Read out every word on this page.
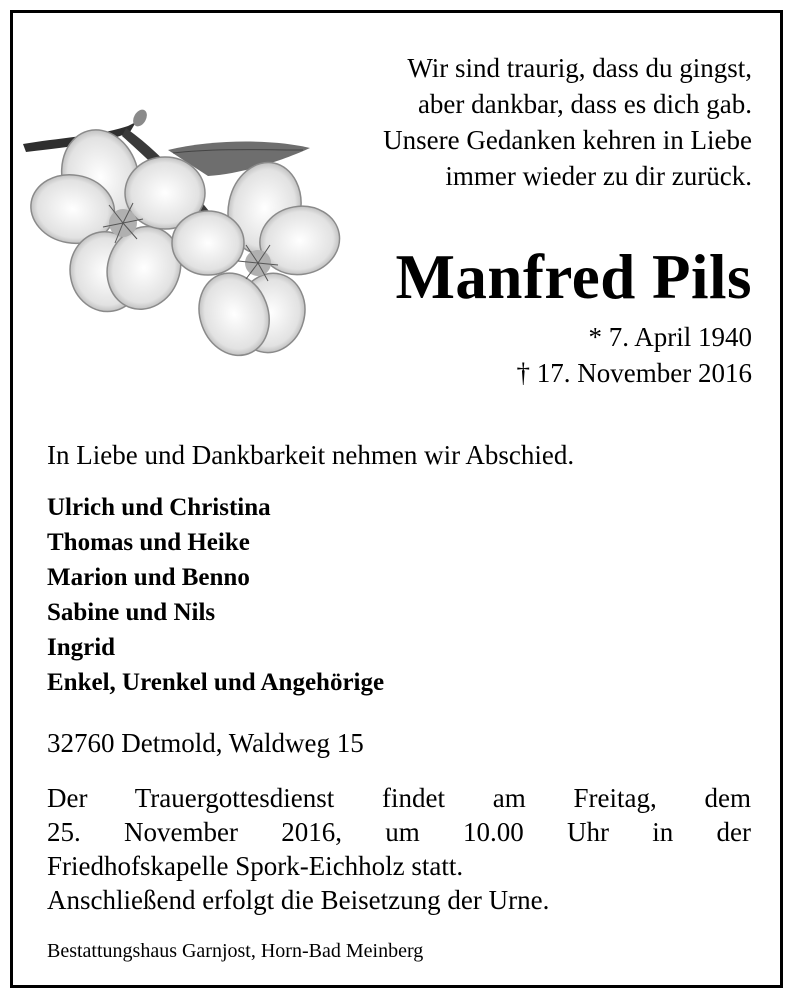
Wir sind traurig, dass du gingst,
aber dankbar, dass es dich gab.
Unsere Gedanken kehren in Liebe
immer wieder zu dir zurück.
Manfred Pils
* 7. April 1940
† 17. November 2016
In Liebe und Dankbarkeit nehmen wir Abschied.
Ulrich und Christina
Thomas und Heike
Marion und Benno
Sabine und Nils
Ingrid
Enkel, Urenkel und Angehörige
32760 Detmold, Waldweg 15
Der Trauergottesdienst findet am Freitag, dem
25. November 2016, um 10.00 Uhr in der
Friedhofskapelle Spork-Eichholz statt.
Anschließend erfolgt die Beisetzung der Urne.
Bestattungshaus Garnjost, Horn-Bad Meinberg
